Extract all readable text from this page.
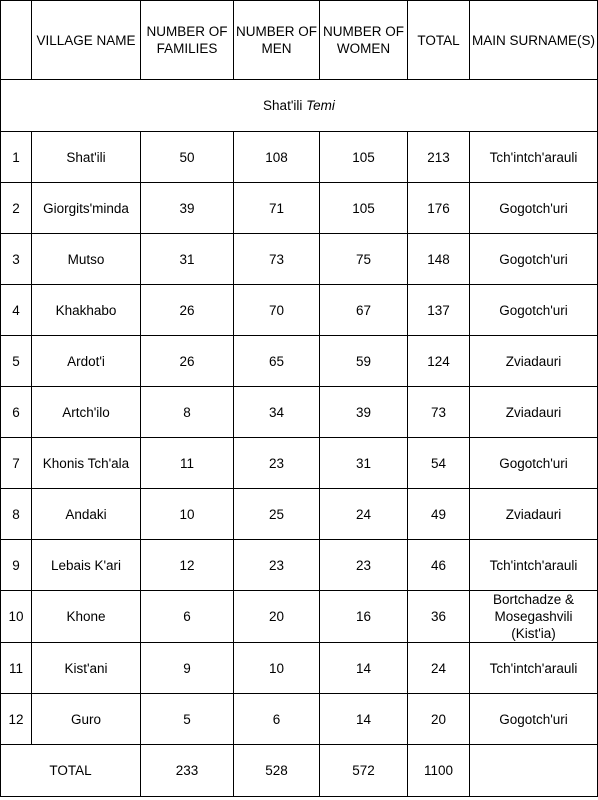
	VILLAGE NAME	NUMBER OF FAMILIES	NUMBER OF MEN	NUMBER OF WOMEN	TOTAL	MAIN SURNAME(S)
Shat'ili Temi						
1	Shat'ili	50	108	105	213	Tch'intch'arauli
2	Giorgits'minda	39	71	105	176	Gogotch'uri
3	Mutso	31	73	75	148	Gogotch'uri
4	Khakhabo	26	70	67	137	Gogotch'uri
5	Ardot'i	26	65	59	124	Zviadauri
6	Artch'ilo	8	34	39	73	Zviadauri
7	Khonis Tch'ala	11	23	31	54	Gogotch'uri
8	Andaki	10	25	24	49	Zviadauri
9	Lebais K'ari	12	23	23	46	Tch'intch'arauli
10	Khone	6	20	16	36	Bortchadze & Mosegashvili (Kist'ia)
11	Kist'ani	9	10	14	24	Tch'intch'arauli
12	Guro	5	6	14	20	Gogotch'uri
TOTAL		233	528	572	1100	
